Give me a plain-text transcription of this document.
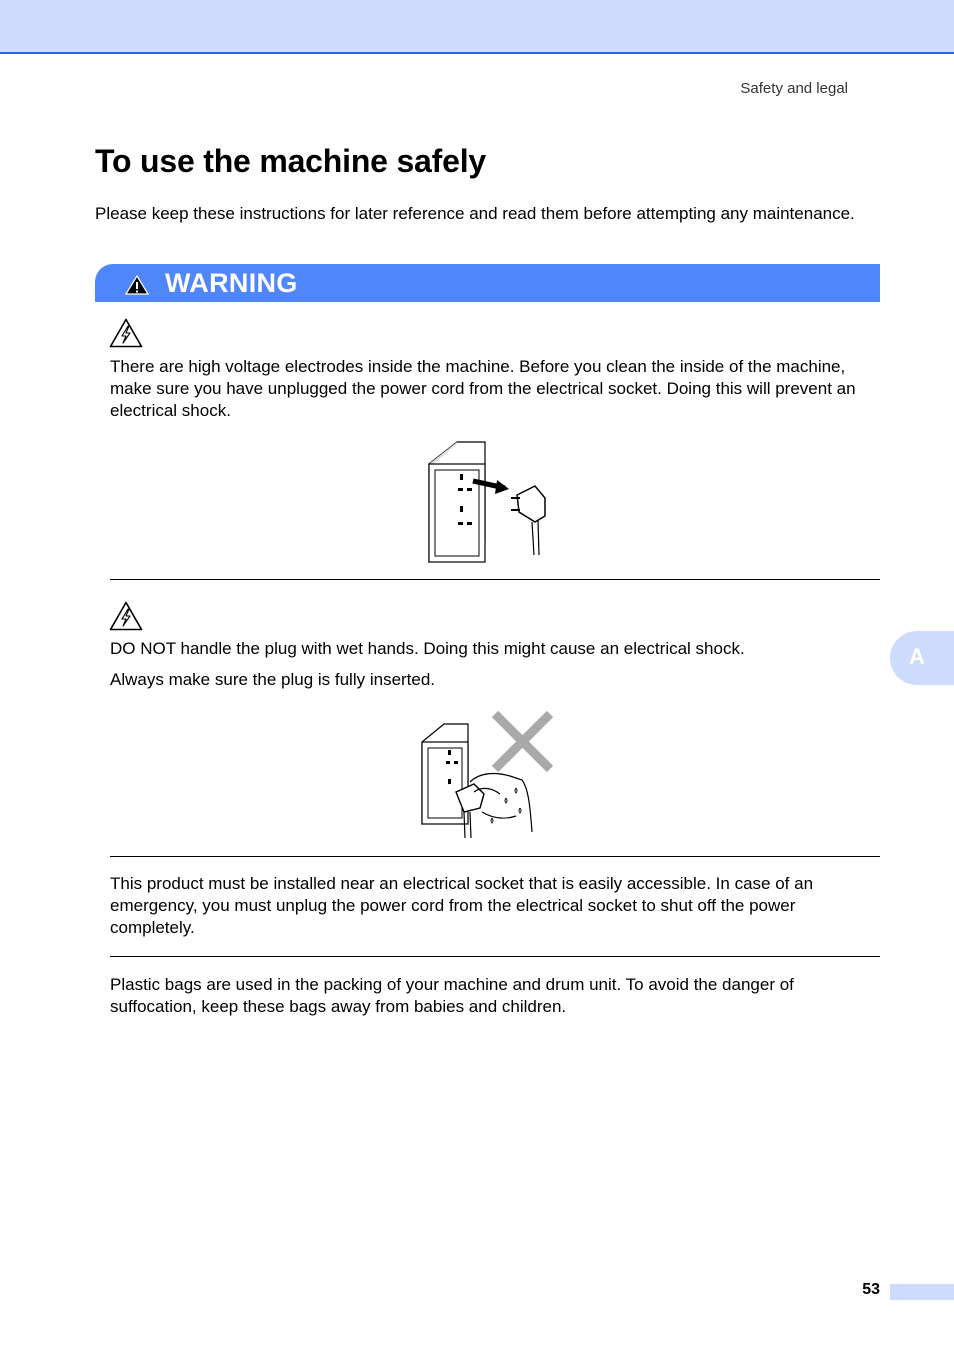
Safety and legal
To use the machine safely

Please keep these instructions for later reference and read them before attempting any maintenance.

WARNING

There are high voltage electrodes inside the machine. Before you clean the inside of the machine, make sure you have unplugged the power cord from the electrical socket. Doing this will prevent an electrical shock.

DO NOT handle the plug with wet hands. Doing this might cause an electrical shock.

Always make sure the plug is fully inserted.

This product must be installed near an electrical socket that is easily accessible. In case of an emergency, you must unplug the power cord from the electrical socket to shut off the power completely.

Plastic bags are used in the packing of your machine and drum unit. To avoid the danger of suffocation, keep these bags away from babies and children.

A
53
